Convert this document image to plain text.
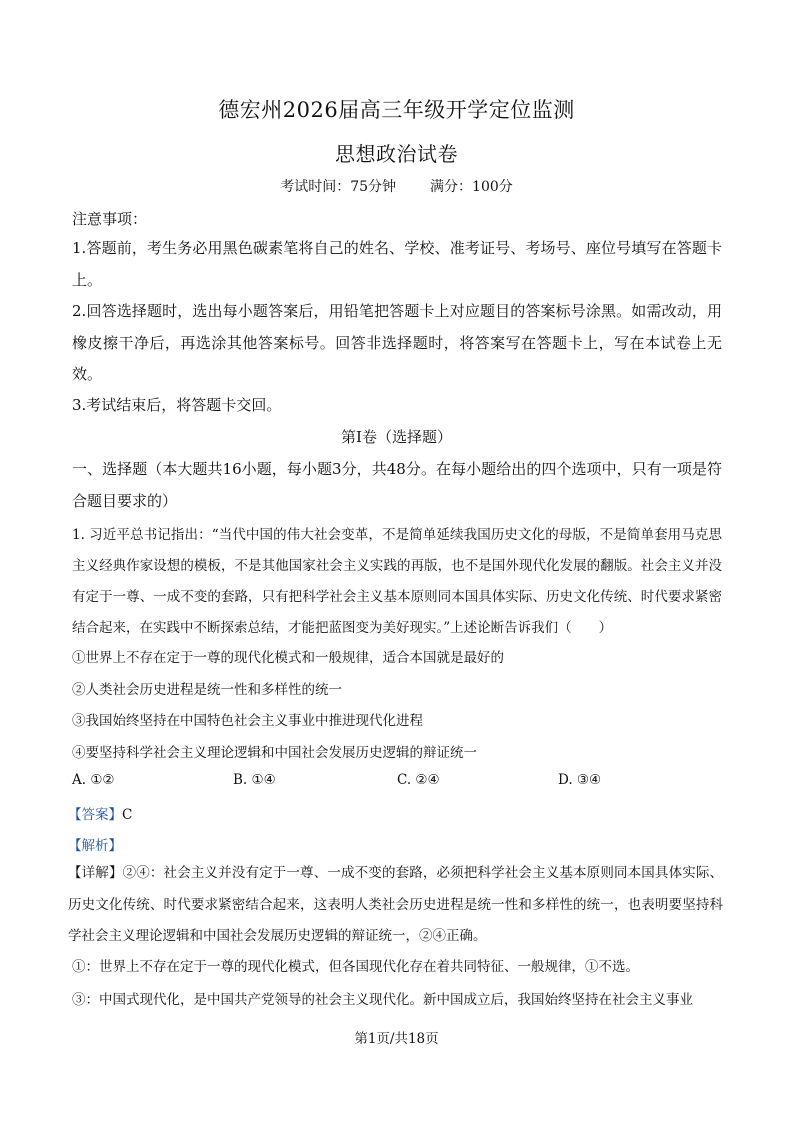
德宏州2026届高三年级开学定位监测
思想政治试卷
考试时间：75分钟 满分：100分
注意事项：
1.答题前，考生务必用黑色碳素笔将自己的姓名、学校、准考证号、考场号、座位号填写在答题卡上。
2.回答选择题时，选出每小题答案后，用铅笔把答题卡上对应题目的答案标号涂黑。如需改动，用橡皮擦干净后，再选涂其他答案标号。回答非选择题时，将答案写在答题卡上，写在本试卷上无效。
3.考试结束后，将答题卡交回。
第Ⅰ卷（选择题）
一、选择题（本大题共16小题，每小题3分，共48分。在每小题给出的四个选项中，只有一项是符合题目要求的）
1. 习近平总书记指出：“当代中国的伟大社会变革，不是简单延续我国历史文化的母版，不是简单套用马克思主义经典作家设想的模板，不是其他国家社会主义实践的再版，也不是国外现代化发展的翻版。社会主义并没有定于一尊、一成不变的套路，只有把科学社会主义基本原则同本国具体实际、历史文化传统、时代要求紧密结合起来，在实践中不断探索总结，才能把蓝图变为美好现实。”上述论断告诉我们（　　）
①世界上不存在定于一尊的现代化模式和一般规律，适合本国就是最好的
②人类社会历史进程是统一性和多样性的统一
③我国始终坚持在中国特色社会主义事业中推进现代化进程
④要坚持科学社会主义理论逻辑和中国社会发展历史逻辑的辩证统一
A. ①②	B. ①④	C. ②④	D. ③④
【答案】C
【解析】
【详解】②④：社会主义并没有定于一尊、一成不变的套路，必须把科学社会主义基本原则同本国具体实际、历史文化传统、时代要求紧密结合起来，这表明人类社会历史进程是统一性和多样性的统一，也表明要坚持科学社会主义理论逻辑和中国社会发展历史逻辑的辩证统一，②④正确。
①：世界上不存在定于一尊的现代化模式，但各国现代化存在着共同特征、一般规律，①不选。
③：中国式现代化，是中国共产党领导的社会主义现代化。新中国成立后，我国始终坚持在社会主义事业
第1页/共18页
